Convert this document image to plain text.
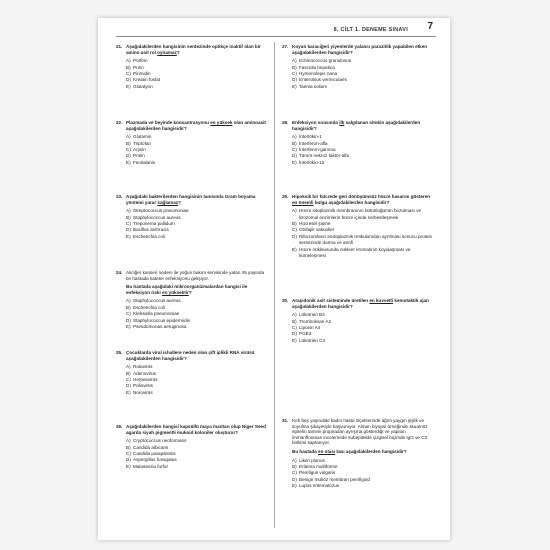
8. CİLT 1. DENEME SINAVI 7
21. Aşağıdakilerden hangisinin sentezinde optikçe inaktif olan bir amino asit rol oynamaz?
A) Porfirin
B) Pürin
C) Pirimidin
D) Kreatin fosfat
E) Glutatyon
22. Plazmada ve beyinde konsantrasyonu en yüksek olan aminoasit aşağıdakilerden hangisidir?
A) Glutamin
B) Triptofan
C) Arjinin
D) Prolin
E) Fenilalanin
23. Aşağıdaki bakterilerden hangisinin tanısında Gram boyama yöntemi yarar sağlamaz?
A) Streptococcus pneumoniae
B) Staphylococcus aureus
C) Treponema pallidum
D) Bacillus anthracis
E) Escherichia coli
24. Akciğer kanseri nedeni ile yoğun bakım servisinde yatan 45 yaşında bir hastada kateter enfeksiyonu gelişiyor.
Bu hastada aşağıdaki mikroorganizmalardan hangisi ile enfeksiyon riski en yüksektir?
A) Staphylococcus aureus
B) Escherichia coli
C) Klebsiella pneumoniae
D) Staphylococcus epidermidis
E) Pseudomonas aeruginosa
25. Çocuklarda viral ishallere neden olan çift iplikli RNA virüsü aşağıdakilerden hangisidir?
A) Rotavirüs
B) Adenovirüs
C) Herpesvirüs
D) Poliovirüs
E) Norovirüs
26. Aşağıdakilerden hangisi kapsüllü maya mantarı olup Niger Seed agarda siyah pigmentli mukoid koloniler oluşturur?
A) Cryptococcus neoformans
B) Candida albicans
C) Candida parapsilosis
D) Aspergillus fumigatus
E) Malassezia furfur
27. Koyun karaciğeri yiyenlerde yalancı parazitlik yapabilen etken aşağıdakilerden hangisidir?
A) Echinococcus granulosus
B) Fasciola hepatica
C) Hymenolepis nana
D) Enterobius vermicularis
E) Taenia solium
28. Enfeksiyon sırasında ilk salgılanan sitokin aşağıdakilerden hangisidir?
A) İnterlökin-1
B) İnterferon-alfa
C) İnterferon-gamma
D) Tümör nekroz faktör-alfa
E) İnterlökin-12
29. Hipoksik bir hücrede geri dönüşümsüz hücre hasarını gösteren en önemli bulgu aşağıdakilerden hangisidir?
A) Hücre sitoplazmik membranının bütünlüğünün bozulması ve lizozomal enzimlerin hücre içinde serbestleşmesi
B) Hücresel şişme
C) Otofajik vakuoller
D) Ribozomların endoplazmik retikulumdan ayrılması sonucu protein sentezinde durma ve atrofi
E) Hücre nükleusunda nükleer kromatinin koyulaşması ve kümeleşmesi
30. Araşidonik asit sisteminde üretilen en kuvvetli kemotaktik ajan aşağıdakilerden hangisidir?
A) Lökotrien B4
B) Tromboksan A2
C) Lipoxin A4
D) PGE2
E) Lökotrien C4
31. Kırk beş yaşındaki kadın hasta ölçeklerinde ağrılı yaygın şişlik ve soyulma şikayetiyle başvuruyor. Alınan biyopsi örneğinde skuamöz epitelin tamimi propriadan ayrışma gösterdiği ve yapılan immünfloresan incelemede subepitelde çizgisel biçimde IgG ve C3 birikimi saptanıyor.
Bu hastada en olası tanı aşağıdakilerden hangisidir?
A) Liken planus
B) Eritema multiforme
C) Pemfigus vulgaris
D) Benign müköz membran pemfigoid
E) Lupus eritematozus
